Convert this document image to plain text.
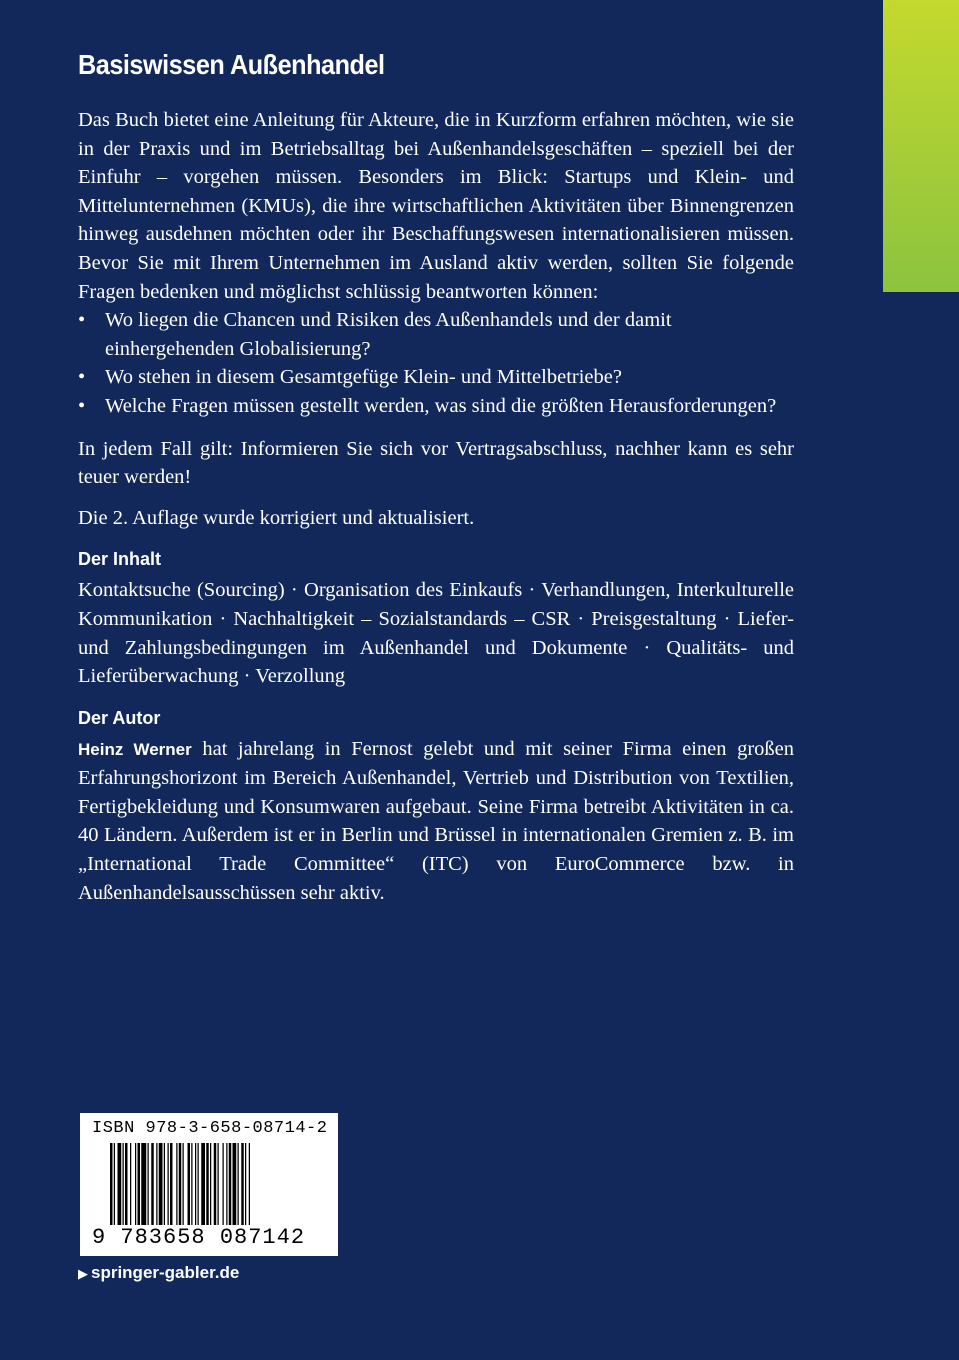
Basiswissen Außenhandel

Das Buch bietet eine Anleitung für Akteure, die in Kurzform erfahren möchten, wie sie in der Praxis und im Betriebsalltag bei Außenhandelsgeschäften – speziell bei der Einfuhr – vorgehen müssen. Besonders im Blick: Startups und Klein- und Mittelunternehmen (KMUs), die ihre wirtschaftlichen Aktivitäten über Binnengrenzen hinweg ausdehnen möchten oder ihr Beschaffungswesen internationalisieren müssen. Bevor Sie mit Ihrem Unternehmen im Ausland aktiv werden, sollten Sie folgende Fragen bedenken und möglichst schlüssig beantworten können:

• Wo liegen die Chancen und Risiken des Außenhandels und der damit einhergehenden Globalisierung?
• Wo stehen in diesem Gesamtgefüge Klein- und Mittelbetriebe?
• Welche Fragen müssen gestellt werden, was sind die größten Herausforderungen?

In jedem Fall gilt: Informieren Sie sich vor Vertragsabschluss, nachher kann es sehr teuer werden!

Die 2. Auflage wurde korrigiert und aktualisiert.

Der Inhalt

Kontaktsuche (Sourcing) · Organisation des Einkaufs · Verhandlungen, Interkulturelle Kommunikation · Nachhaltigkeit – Sozialstandards – CSR · Preisgestaltung · Liefer- und Zahlungsbedingungen im Außenhandel und Dokumente · Qualitäts- und Lieferüberwachung · Verzollung

Der Autor

Heinz Werner hat jahrelang in Fernost gelebt und mit seiner Firma einen großen Erfahrungshorizont im Bereich Außenhandel, Vertrieb und Distribution von Textilien, Fertigbekleidung und Konsumwaren aufgebaut. Seine Firma betreibt Aktivitäten in ca. 40 Ländern. Außerdem ist er in Berlin und Brüssel in internationalen Gremien z. B. im „International Trade Committee“ (ITC) von EuroCommerce bzw. in Außenhandelsausschüssen sehr aktiv.

ISBN 978-3-658-08714-2
9 783658 087142
▶ springer-gabler.de
